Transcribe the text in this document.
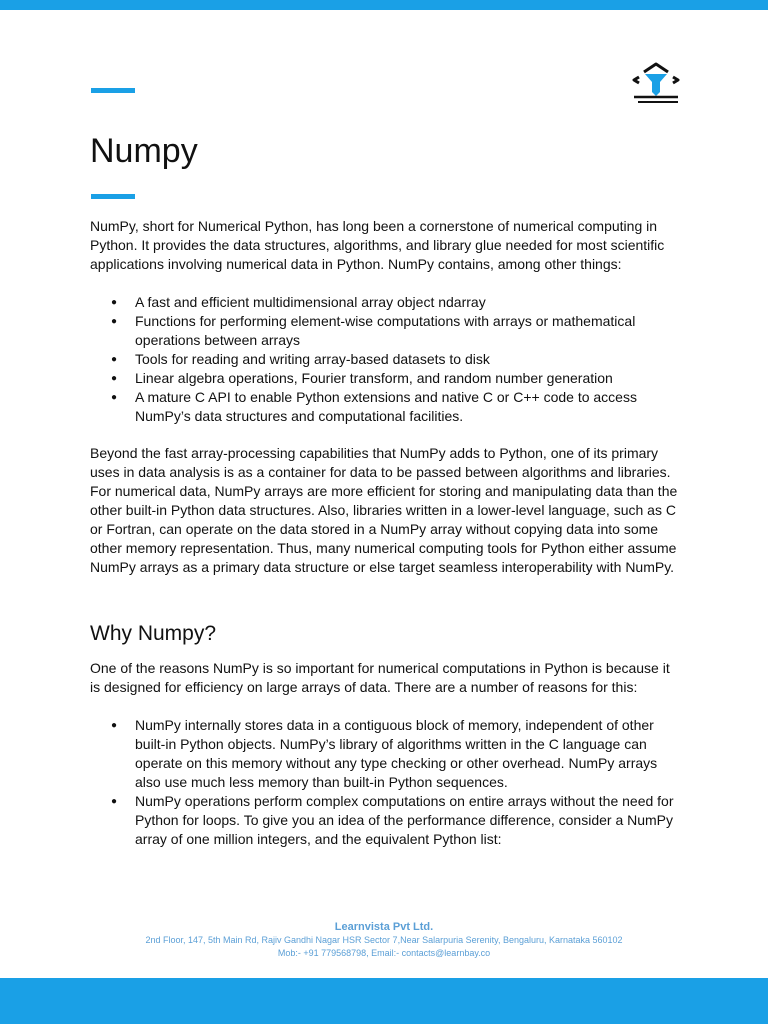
Numpy

NumPy, short for Numerical Python, has long been a cornerstone of numerical computing in Python. It provides the data structures, algorithms, and library glue needed for most scientific applications involving numerical data in Python. NumPy contains, among other things:

● A fast and efficient multidimensional array object ndarray
● Functions for performing element-wise computations with arrays or mathematical operations between arrays
● Tools for reading and writing array-based datasets to disk
● Linear algebra operations, Fourier transform, and random number generation
● A mature C API to enable Python extensions and native C or C++ code to access NumPy’s data structures and computational facilities.

Beyond the fast array-processing capabilities that NumPy adds to Python, one of its primary uses in data analysis is as a container for data to be passed between algorithms and libraries. For numerical data, NumPy arrays are more efficient for storing and manipulating data than the other built-in Python data structures. Also, libraries written in a lower-level language, such as C or Fortran, can operate on the data stored in a NumPy array without copying data into some other memory representation. Thus, many numerical computing tools for Python either assume NumPy arrays as a primary data structure or else target seamless interoperability with NumPy.

Why Numpy?

One of the reasons NumPy is so important for numerical computations in Python is because it is designed for efficiency on large arrays of data. There are a number of reasons for this:

● NumPy internally stores data in a contiguous block of memory, independent of other built-in Python objects. NumPy’s library of algorithms written in the C language can operate on this memory without any type checking or other overhead. NumPy arrays also use much less memory than built-in Python sequences.
● NumPy operations perform complex computations on entire arrays without the need for Python for loops. To give you an idea of the performance difference, consider a NumPy array of one million integers, and the equivalent Python list:
Learnvista Pvt Ltd.
2nd Floor, 147, 5th Main Rd, Rajiv Gandhi Nagar HSR Sector 7,Near Salarpuria Serenity, Bengaluru, Karnataka 560102
Mob:- +91 779568798, Email:- contacts@learnbay.co
